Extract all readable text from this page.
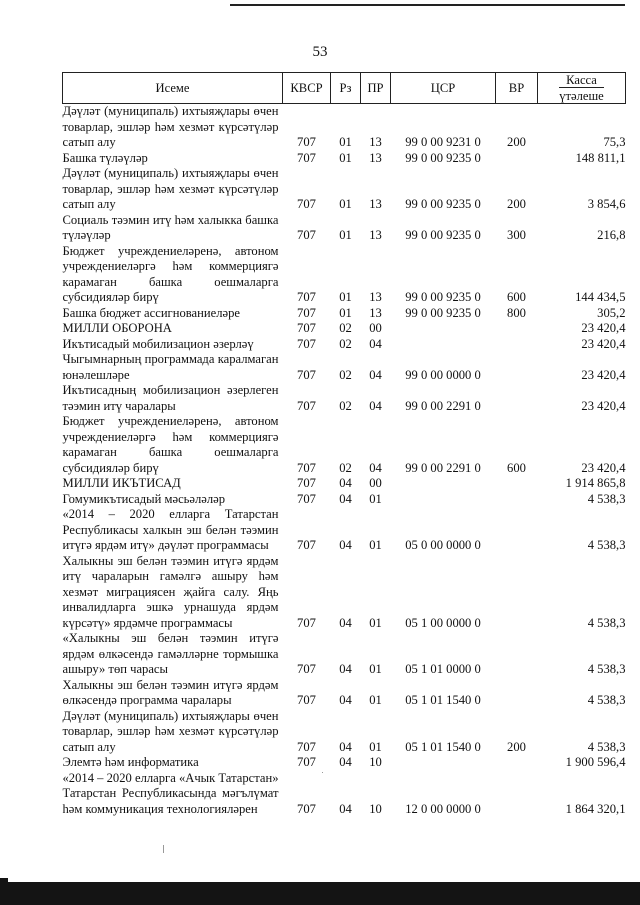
53
Исеме	КВСР	Рз	ПР	ЦСР	ВР	Касса
үтәлеше

Дәүләт (муниципаль) ихтыяҗлары өчен товарлар, эшләр һәм хезмәт күрсәтүләр сатып алу	707	01	13	99 0 00 9231 0	200	75,3
Башка түләүләр	707	01	13	99 0 00 9235 0		148 811,1
Дәүләт (муниципаль) ихтыяҗлары өчен товарлар, эшләр һәм хезмәт күрсәтүләр сатып алу	707	01	13	99 0 00 9235 0	200	3 854,6
Социаль тәэмин итү һәм халыкка башка түләүләр	707	01	13	99 0 00 9235 0	300	216,8
Бюджет учреждениеләренә, автоном учреждениеләргә һәм коммерциягә карамаган башка оешмаларга субсидияләр бирү	707	01	13	99 0 00 9235 0	600	144 434,5
Башка бюджет ассигнованиеләре	707	01	13	99 0 00 9235 0	800	305,2
МИЛЛИ ОБОРОНА	707	02	00			23 420,4
Икътисадый мобилизацион әзерләү	707	02	04			23 420,4
Чыгымнарның программада каралмаган юнәлешләре	707	02	04	99 0 00 0000 0		23 420,4
Икътисадның мобилизацион әзерлеген тәэмин итү чаралары	707	02	04	99 0 00 2291 0		23 420,4
Бюджет учреждениеләренә, автоном учреждениеләргә һәм коммерциягә карамаган башка оешмаларга субсидияләр бирү	707	02	04	99 0 00 2291 0	600	23 420,4
МИЛЛИ ИКЪТИСАД	707	04	00			1 914 865,8
Гомумикътисадый мәсьәләләр	707	04	01			4 538,3
«2014 – 2020 елларга Татарстан Республикасы халкын эш белән тәэмин итүгә ярдәм итү» дәүләт программасы	707	04	01	05 0 00 0000 0		4 538,3
Халыкны эш белән тәэмин итүгә ярдәм итү чараларын гамәлгә ашыру һәм хезмәт миграциясен җайга салу. Яңь инвалидларга эшкә урнашуда ярдәм күрсәтү» ярдәмче программасы	707	04	01	05 1 00 0000 0		4 538,3
«Халыкны эш белән тәэмин итүгә ярдәм өлкәсендә гамәлләрне тормышка ашыру» төп чарасы	707	04	01	05 1 01 0000 0		4 538,3
Халыкны эш белән тәэмин итүгә ярдәм өлкәсендә программа чаралары	707	04	01	05 1 01 1540 0		4 538,3
Дәүләт (муниципаль) ихтыяҗлары өчен товарлар, эшләр һәм хезмәт күрсәтүләр сатып алу	707	04	01	05 1 01 1540 0	200	4 538,3
Элемтә һәм информатика	707	04	10			1 900 596,4
«2014 – 2020 елларга «Ачык Татарстан» Татарстан Республикасында мәгълүмат һәм коммуникация технологияләрен	707	04	10	12 0 00 0000 0		1 864 320,1
